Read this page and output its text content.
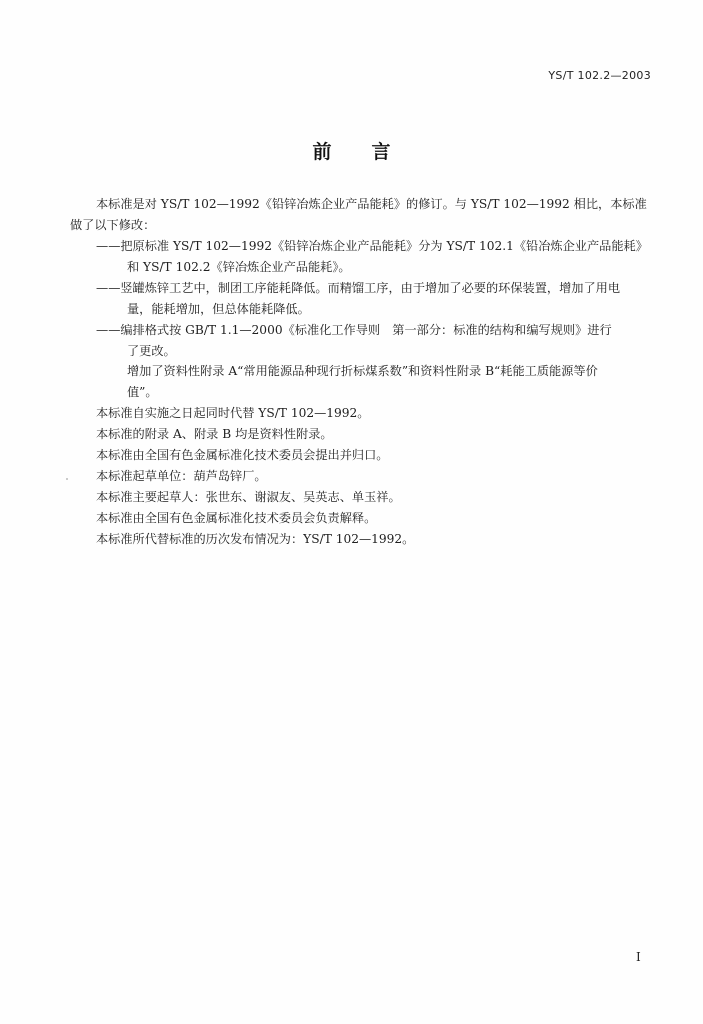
YS/T 102.2—2003
前言
本标准是对 YS/T 102—1992《铅锌冶炼企业产品能耗》的修订。与 YS/T 102—1992 相比，本标准
做了以下修改：
——把原标准 YS/T 102—1992《铅锌冶炼企业产品能耗》分为 YS/T 102.1《铅冶炼企业产品能耗》
和 YS/T 102.2《锌冶炼企业产品能耗》。
——竖罐炼锌工艺中，制团工序能耗降低。而精馏工序，由于增加了必要的环保装置，增加了用电
量，能耗增加，但总体能耗降低。
——编排格式按 GB/T 1.1—2000《标准化工作导则　第一部分：标准的结构和编写规则》进行
了更改。
增加了资料性附录 A“常用能源品种现行折标煤系数”和资料性附录 B“耗能工质能源等价
值”。
本标准自实施之日起同时代替 YS/T 102—1992。
本标准的附录 A、附录 B 均是资料性附录。
本标准由全国有色金属标准化技术委员会提出并归口。
本标准起草单位：葫芦岛锌厂。
本标准主要起草人：张世东、谢淑友、吴英志、单玉祥。
本标准由全国有色金属标准化技术委员会负责解释。
本标准所代替标准的历次发布情况为：YS/T 102—1992。
I
